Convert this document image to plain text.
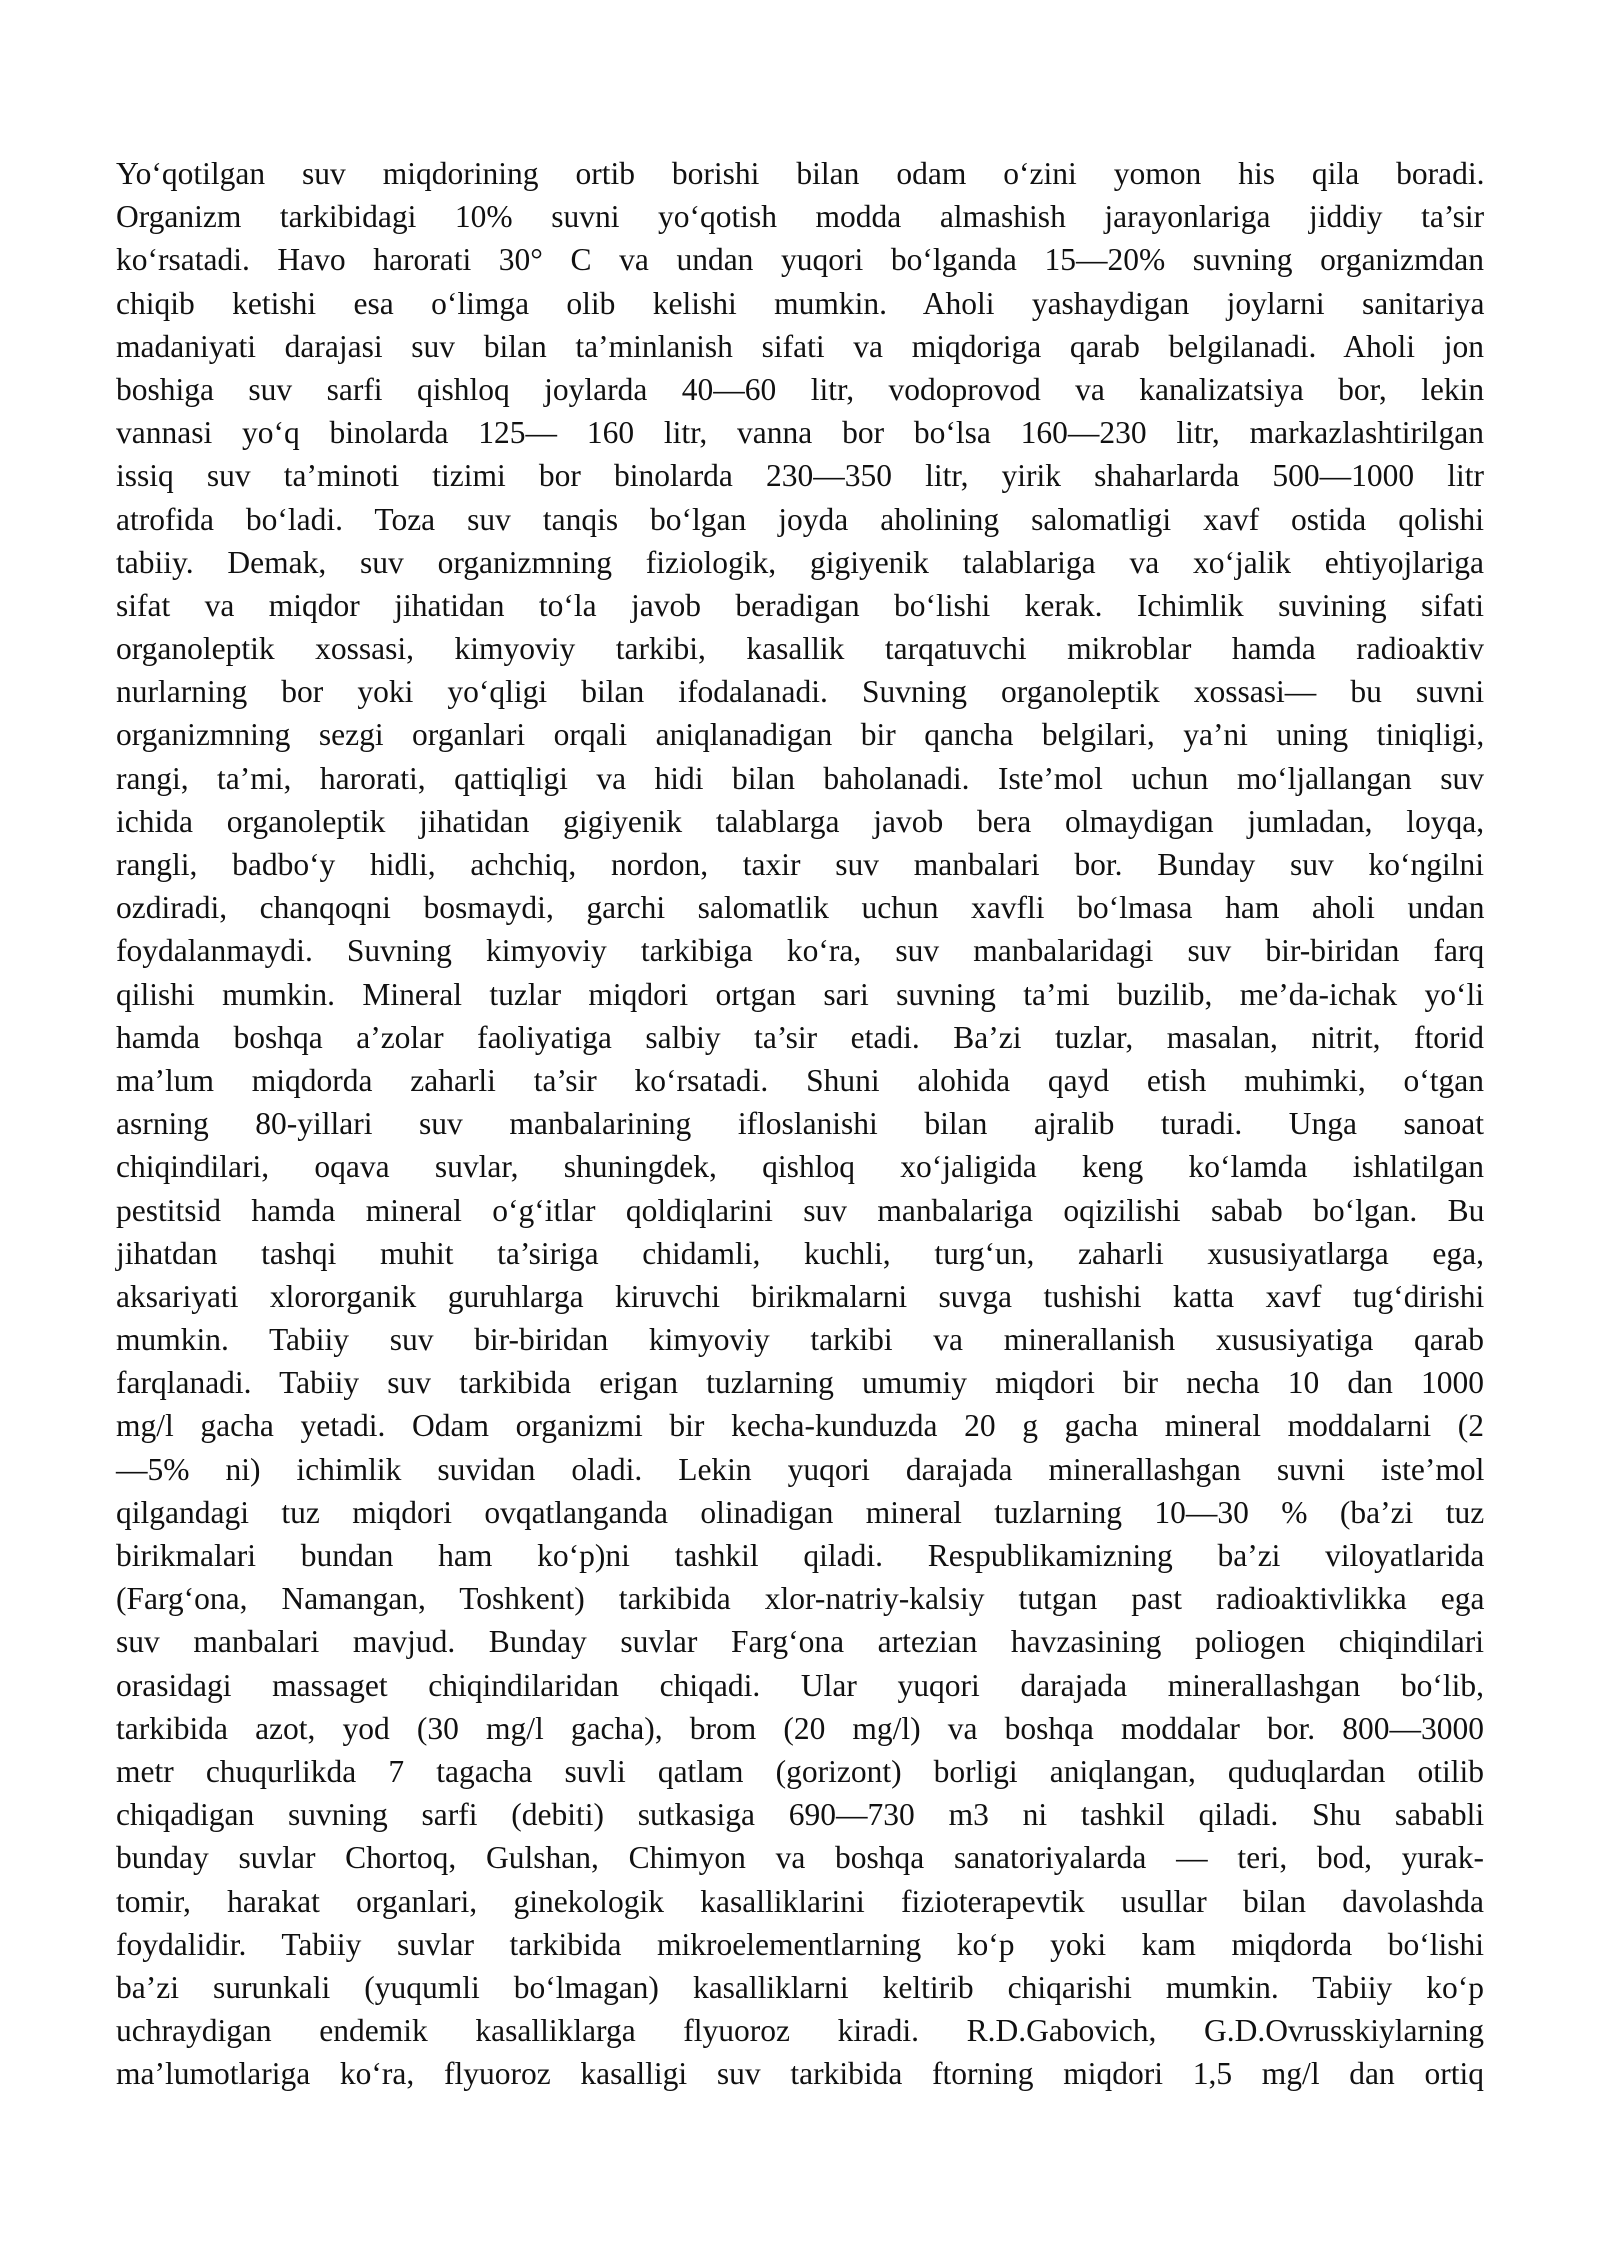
Yo‘qotilgan suv miqdorining ortib borishi bilan odam o‘zini yomon his qila boradi.
Organizm tarkibidagi 10% suvni yo‘qotish modda almashish jarayonlariga jiddiy ta’sir
ko‘rsatadi. Havo harorati 30° C va undan yuqori bo‘lganda 15—20% suvning organizmdan
chiqib ketishi esa o‘limga olib kelishi mumkin. Aholi yashaydigan joylarni sanitariya
madaniyati darajasi suv bilan ta’minlanish sifati va miqdoriga qarab belgilanadi. Aholi jon
boshiga suv sarfi qishloq joylarda 40—60 litr, vodoprovod va kanalizatsiya bor, lekin
vannasi yo‘q binolarda 125— 160 litr, vanna bor bo‘lsa 160—230 litr, markazlashtirilgan
issiq suv ta’minoti tizimi bor binolarda 230—350 litr, yirik shaharlarda 500—1000 litr
atrofida bo‘ladi. Toza suv tanqis bo‘lgan joyda aholining salomatligi xavf ostida qolishi
tabiiy. Demak, suv organizmning fiziologik, gigiyenik talablariga va xo‘jalik ehtiyojlariga
sifat va miqdor jihatidan to‘la javob beradigan bo‘lishi kerak. Ichimlik suvining sifati
organoleptik xossasi, kimyoviy tarkibi, kasallik tarqatuvchi mikroblar hamda radioaktiv
nurlarning bor yoki yo‘qligi bilan ifodalanadi. Suvning organoleptik xossasi— bu suvni
organizmning sezgi organlari orqali aniqlanadigan bir qancha belgilari, ya’ni uning tiniqligi,
rangi, ta’mi, harorati, qattiqligi va hidi bilan baholanadi. Iste’mol uchun mo‘ljallangan suv
ichida organoleptik jihatidan gigiyenik talablarga javob bera olmaydigan jumladan, loyqa,
rangli, badbo‘y hidli, achchiq, nordon, taxir suv manbalari bor. Bunday suv ko‘ngilni
ozdiradi, chanqoqni bosmaydi, garchi salomatlik uchun xavfli bo‘lmasa ham aholi undan
foydalanmaydi. Suvning kimyoviy tarkibiga ko‘ra, suv manbalaridagi suv bir-biridan farq
qilishi mumkin. Mineral tuzlar miqdori ortgan sari suvning ta’mi buzilib, me’da-ichak yo‘li
hamda boshqa a’zolar faoliyatiga salbiy ta’sir etadi. Ba’zi tuzlar, masalan, nitrit, ftorid
ma’lum miqdorda zaharli ta’sir ko‘rsatadi. Shuni alohida qayd etish muhimki, o‘tgan
asrning 80-yillari suv manbalarining ifloslanishi bilan ajralib turadi. Unga sanoat
chiqindilari, oqava suvlar, shuningdek, qishloq xo‘jaligida keng ko‘lamda ishlatilgan
pestitsid hamda mineral o‘g‘itlar qoldiqlarini suv manbalariga oqizilishi sabab bo‘lgan. Bu
jihatdan tashqi muhit ta’siriga chidamli, kuchli, turg‘un, zaharli xususiyatlarga ega,
aksariyati xlororganik guruhlarga kiruvchi birikmalarni suvga tushishi katta xavf tug‘dirishi
mumkin. Tabiiy suv bir-biridan kimyoviy tarkibi va minerallanish xususiyatiga qarab
farqlanadi. Tabiiy suv tarkibida erigan tuzlarning umumiy miqdori bir necha 10 dan 1000
mg/l gacha yetadi. Odam organizmi bir kecha-kunduzda 20 g gacha mineral moddalarni (2
—5% ni) ichimlik suvidan oladi. Lekin yuqori darajada minerallashgan suvni iste’mol
qilgandagi tuz miqdori ovqatlanganda olinadigan mineral tuzlarning 10—30 % (ba’zi tuz
birikmalari bundan ham ko‘p)ni tashkil qiladi. Respublikamizning ba’zi viloyatlarida
(Farg‘ona, Namangan, Toshkent) tarkibida xlor-natriy-kalsiy tutgan past radioaktivlikka ega
suv manbalari mavjud. Bunday suvlar Farg‘ona artezian havzasining poliogen chiqindilari
orasidagi massaget chiqindilaridan chiqadi. Ular yuqori darajada minerallashgan bo‘lib,
tarkibida azot, yod (30 mg/l gacha), brom (20 mg/l) va boshqa moddalar bor. 800—3000
metr chuqurlikda 7 tagacha suvli qatlam (gorizont) borligi aniqlangan, quduqlardan otilib
chiqadigan suvning sarfi (debiti) sutkasiga 690—730 m3 ni tashkil qiladi. Shu sababli
bunday suvlar Chortoq, Gulshan, Chimyon va boshqa sanatoriyalarda — teri, bod, yurak-
tomir, harakat organlari, ginekologik kasalliklarini fizioterapevtik usullar bilan davolashda
foydalidir. Tabiiy suvlar tarkibida mikroelementlarning ko‘p yoki kam miqdorda bo‘lishi
ba’zi surunkali (yuqumli bo‘lmagan) kasalliklarni keltirib chiqarishi mumkin. Tabiiy ko‘p
uchraydigan endemik kasalliklarga flyuoroz kiradi. R.D.Gabovich, G.D.Ovrusskiylarning
ma’lumotlariga ko‘ra, flyuoroz kasalligi suv tarkibida ftorning miqdori 1,5 mg/l dan ortiq
